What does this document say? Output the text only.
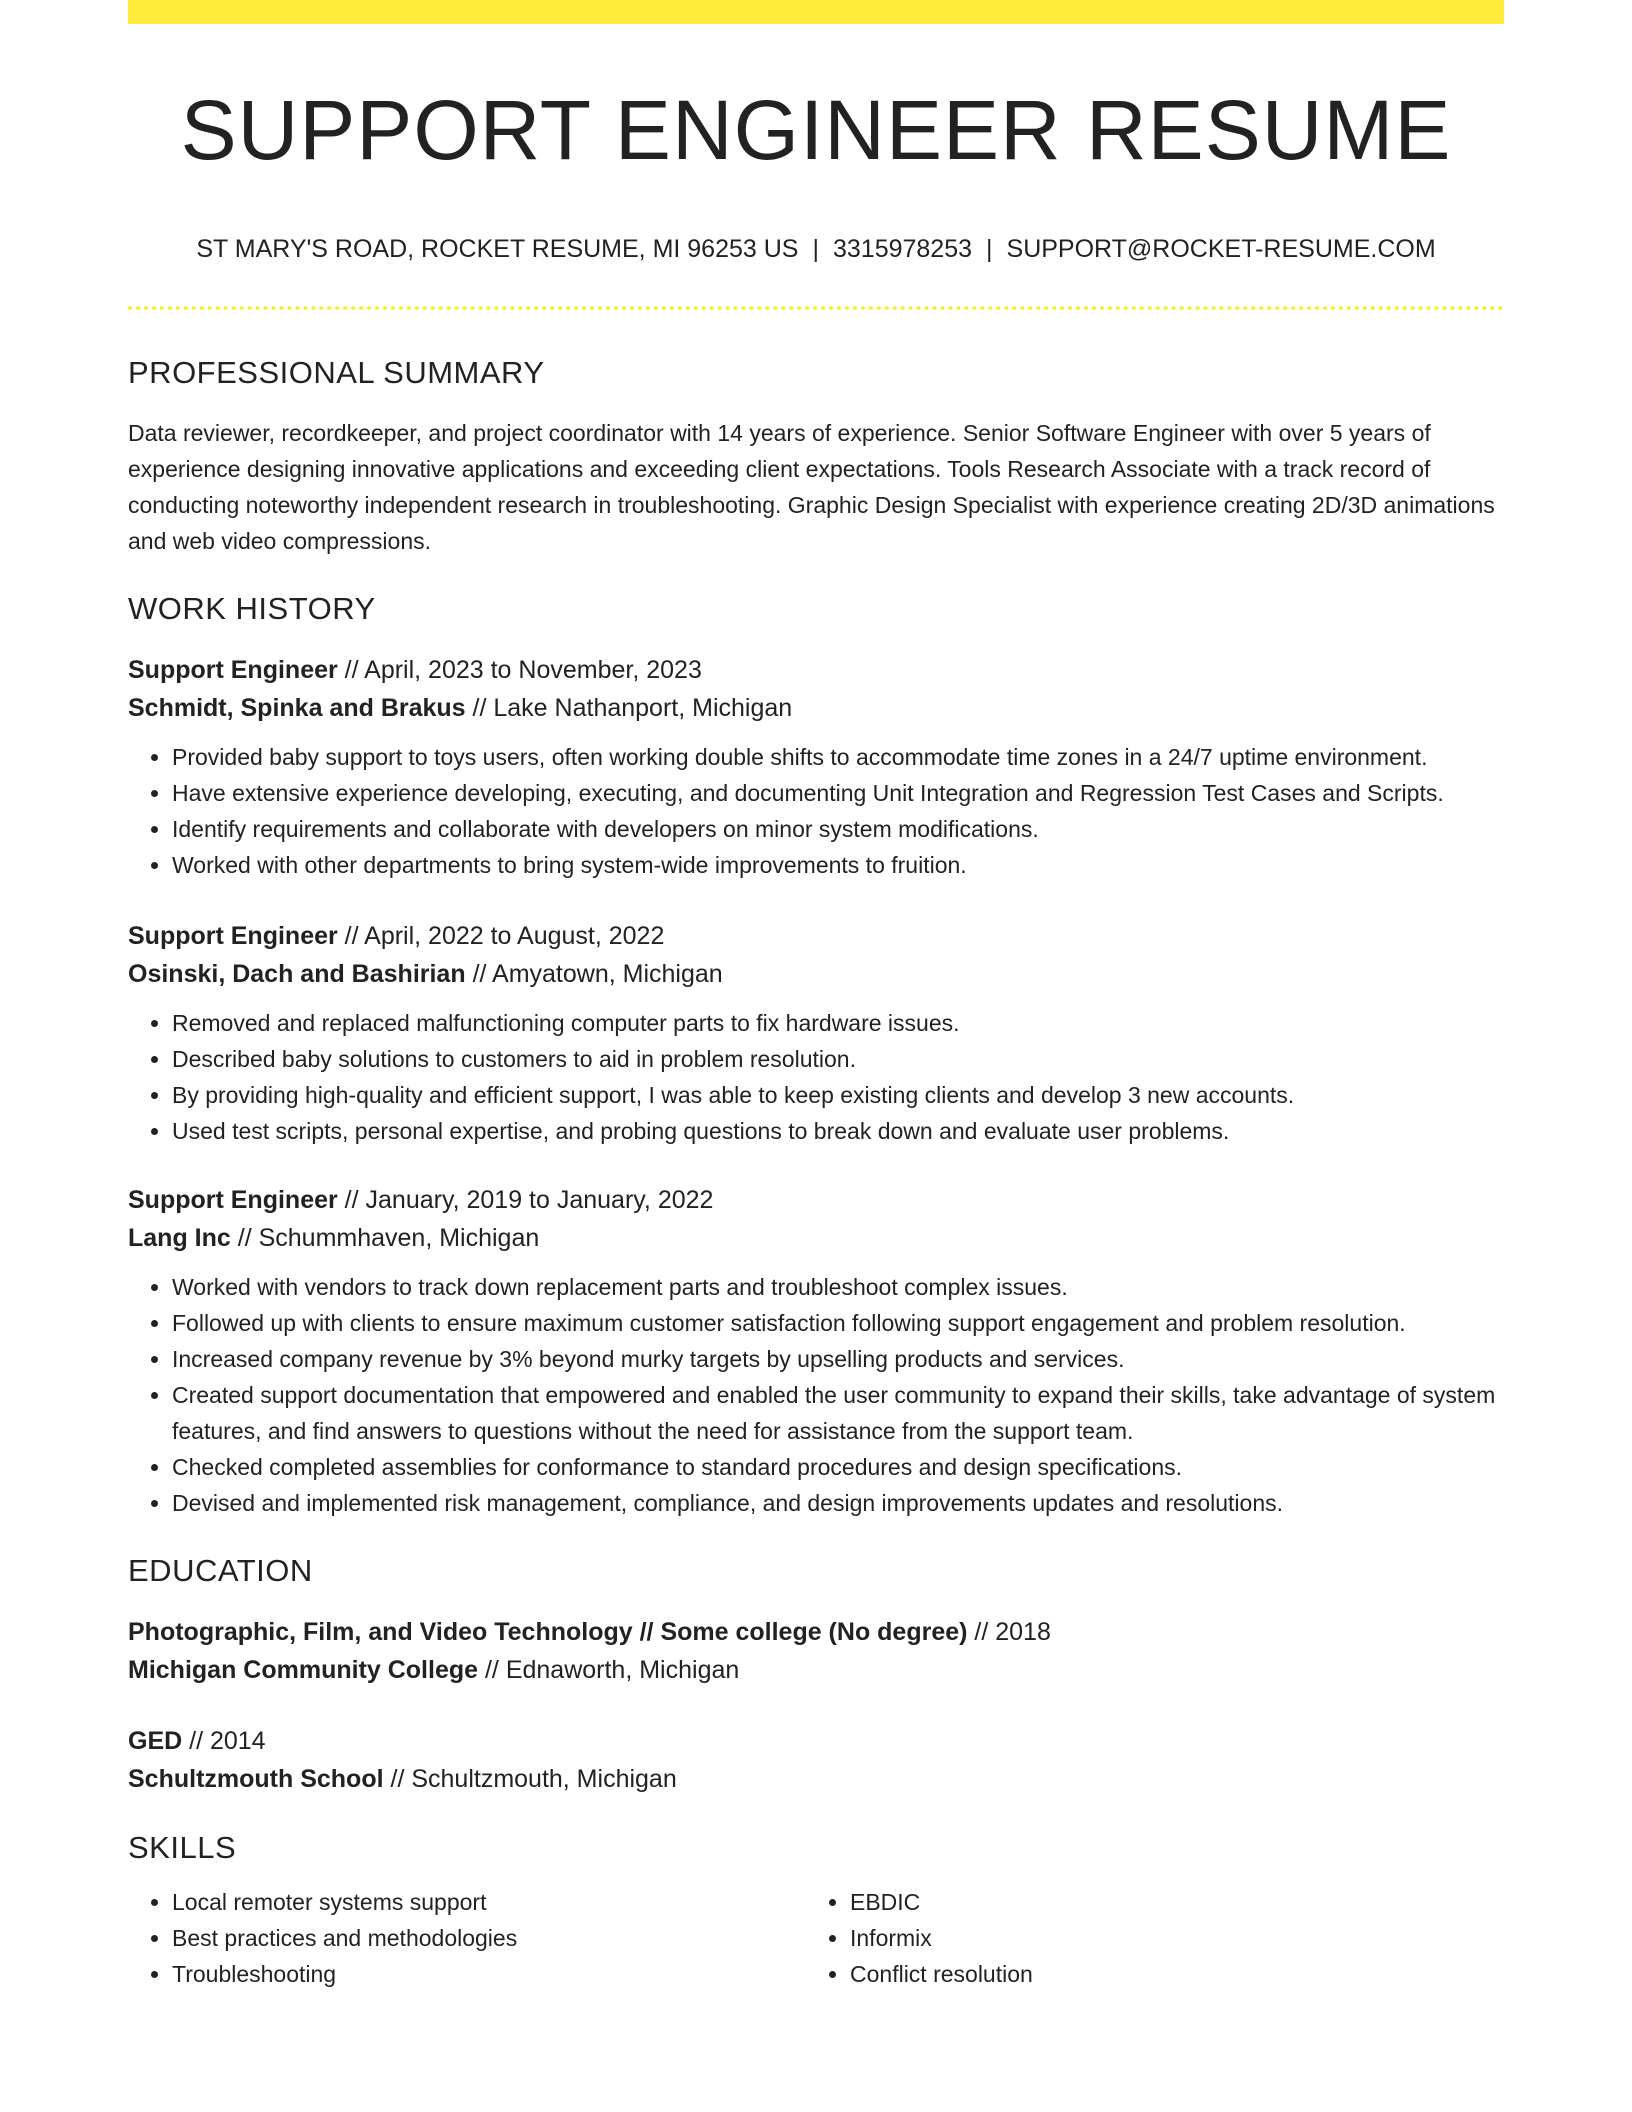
SUPPORT ENGINEER RESUME
ST MARY'S ROAD, ROCKET RESUME, MI 96253 US | 3315978253 | SUPPORT@ROCKET-RESUME.COM
PROFESSIONAL SUMMARY

Data reviewer, recordkeeper, and project coordinator with 14 years of experience. Senior Software Engineer with over 5 years of experience designing innovative applications and exceeding client expectations. Tools Research Associate with a track record of conducting noteworthy independent research in troubleshooting. Graphic Design Specialist with experience creating 2D/3D animations and web video compressions.

WORK HISTORY
Support Engineer // April, 2023 to November, 2023
Schmidt, Spinka and Brakus // Lake Nathanport, Michigan
• Provided baby support to toys users, often working double shifts to accommodate time zones in a 24/7 uptime environment.
• Have extensive experience developing, executing, and documenting Unit Integration and Regression Test Cases and Scripts.
• Identify requirements and collaborate with developers on minor system modifications.
• Worked with other departments to bring system-wide improvements to fruition.
Support Engineer // April, 2022 to August, 2022
Osinski, Dach and Bashirian // Amyatown, Michigan
• Removed and replaced malfunctioning computer parts to fix hardware issues.
• Described baby solutions to customers to aid in problem resolution.
• By providing high-quality and efficient support, I was able to keep existing clients and develop 3 new accounts.
• Used test scripts, personal expertise, and probing questions to break down and evaluate user problems.
Support Engineer // January, 2019 to January, 2022
Lang Inc // Schummhaven, Michigan
• Worked with vendors to track down replacement parts and troubleshoot complex issues.
• Followed up with clients to ensure maximum customer satisfaction following support engagement and problem resolution.
• Increased company revenue by 3% beyond murky targets by upselling products and services.
• Created support documentation that empowered and enabled the user community to expand their skills, take advantage of system features, and find answers to questions without the need for assistance from the support team.
• Checked completed assemblies for conformance to standard procedures and design specifications.
• Devised and implemented risk management, compliance, and design improvements updates and resolutions.
EDUCATION
Photographic, Film, and Video Technology // Some college (No degree) // 2018
Michigan Community College // Ednaworth, Michigan
GED // 2014
Schultzmouth School // Schultzmouth, Michigan
SKILLS
• Local remoter systems support
• Best practices and methodologies
• Troubleshooting
• EBDIC
• Informix
• Conflict resolution
